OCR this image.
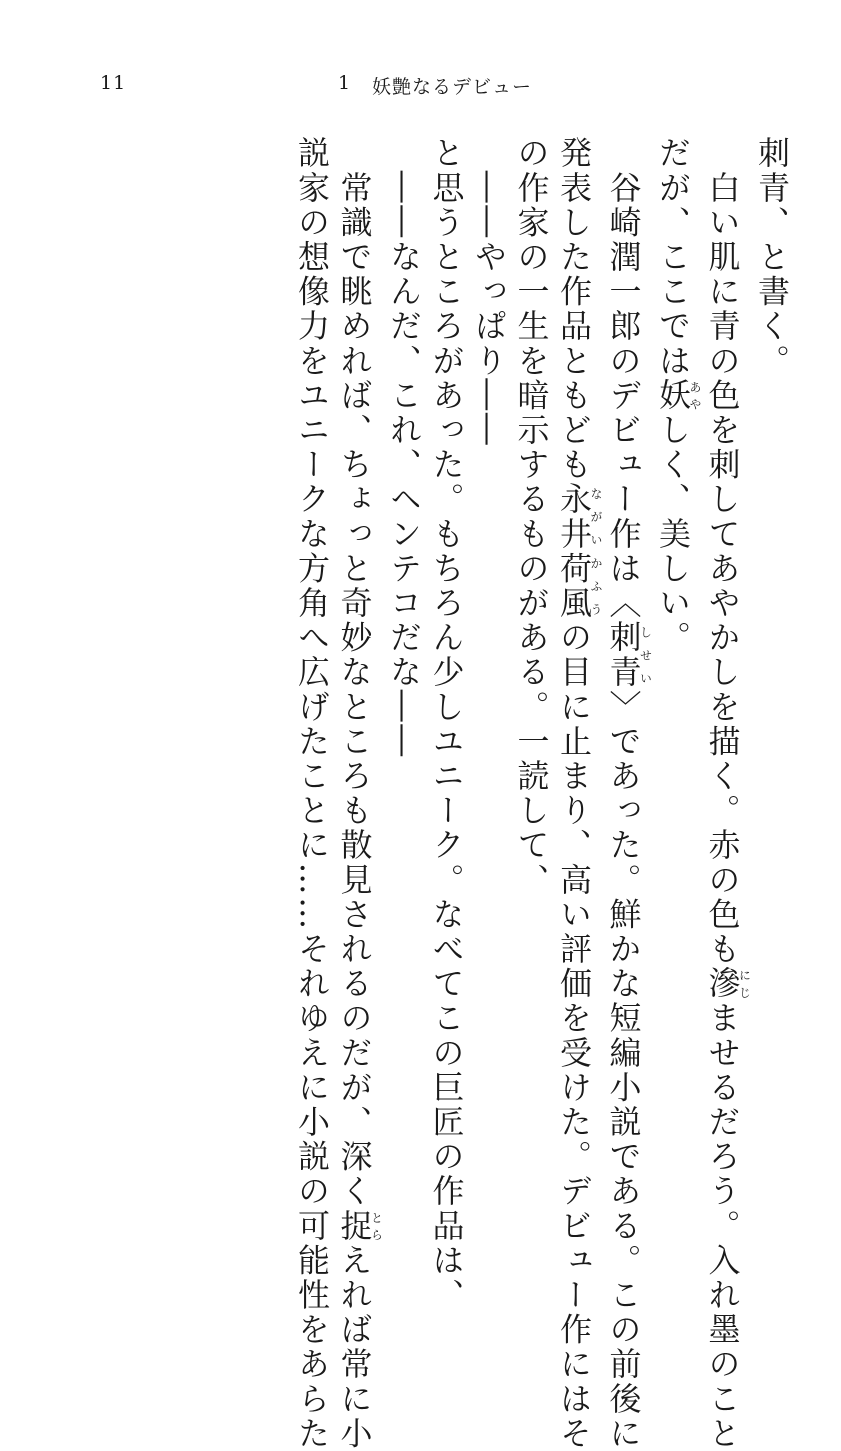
11	1 妖艶なるデビュー
刺青、と書く。
　白い肌に青の色を刺してあやかしを描く。赤の色も滲にじませるだろう。入れ墨のこと
だが、ここでは妖あやしく、美しい。
　谷崎潤一郎のデビュー作は〈刺青しせい〉であった。鮮かな短編小説である。この前後に
発表した作品ともども永井荷風ながいかふうの目に止まり、高い評価を受けた。デビュー作にはそ
の作家の一生を暗示するものがある。一読して、
　――やっぱり――
と思うところがあった。もちろん少しユニーク。なべてこの巨匠の作品は、
　――なんだ、これ、ヘンテコだな――
　常識で眺めれば、ちょっと奇妙なところも散見されるのだが、深く捉とらえれば常に小
説家の想像力をユニークな方角へ広げたことに……それゆえに小説の可能性をあらた
